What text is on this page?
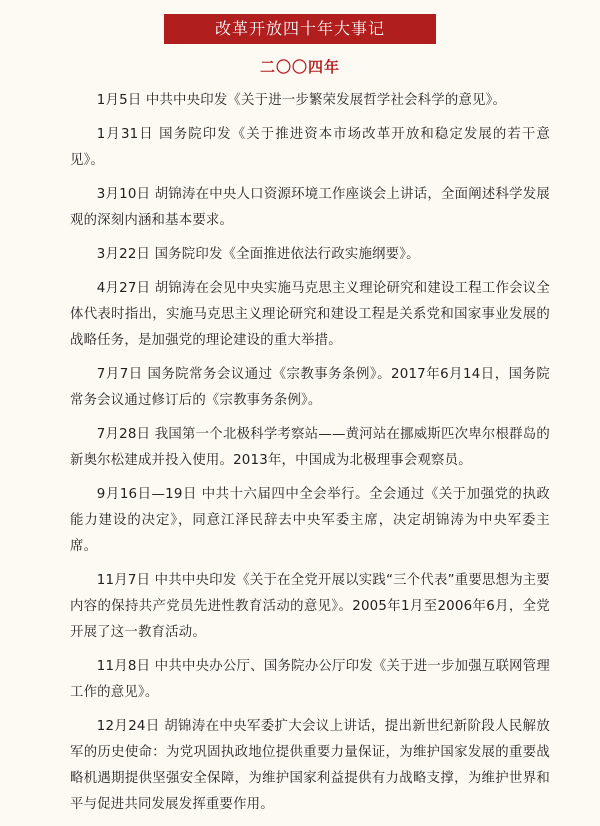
改革开放四十年大事记
二〇〇四年

1月5日 中共中央印发《关于进一步繁荣发展哲学社会科学的意见》。

1月31日 国务院印发《关于推进资本市场改革开放和稳定发展的若干意见》。

3月10日 胡锦涛在中央人口资源环境工作座谈会上讲话，全面阐述科学发展观的深刻内涵和基本要求。

3月22日 国务院印发《全面推进依法行政实施纲要》。

4月27日 胡锦涛在会见中央实施马克思主义理论研究和建设工程工作会议全体代表时指出，实施马克思主义理论研究和建设工程是关系党和国家事业发展的战略任务，是加强党的理论建设的重大举措。

7月7日 国务院常务会议通过《宗教事务条例》。2017年6月14日，国务院常务会议通过修订后的《宗教事务条例》。

7月28日 我国第一个北极科学考察站——黄河站在挪威斯匹次卑尔根群岛的新奥尔松建成并投入使用。2013年，中国成为北极理事会观察员。

9月16日—19日 中共十六届四中全会举行。全会通过《关于加强党的执政能力建设的决定》，同意江泽民辞去中央军委主席，决定胡锦涛为中央军委主席。

11月7日 中共中央印发《关于在全党开展以实践“三个代表”重要思想为主要内容的保持共产党员先进性教育活动的意见》。2005年1月至2006年6月，全党开展了这一教育活动。

11月8日 中共中央办公厅、国务院办公厅印发《关于进一步加强互联网管理工作的意见》。

12月24日 胡锦涛在中央军委扩大会议上讲话，提出新世纪新阶段人民解放军的历史使命：为党巩固执政地位提供重要力量保证，为维护国家发展的重要战略机遇期提供坚强安全保障，为维护国家利益提供有力战略支撑，为维护世界和平与促进共同发展发挥重要作用。
